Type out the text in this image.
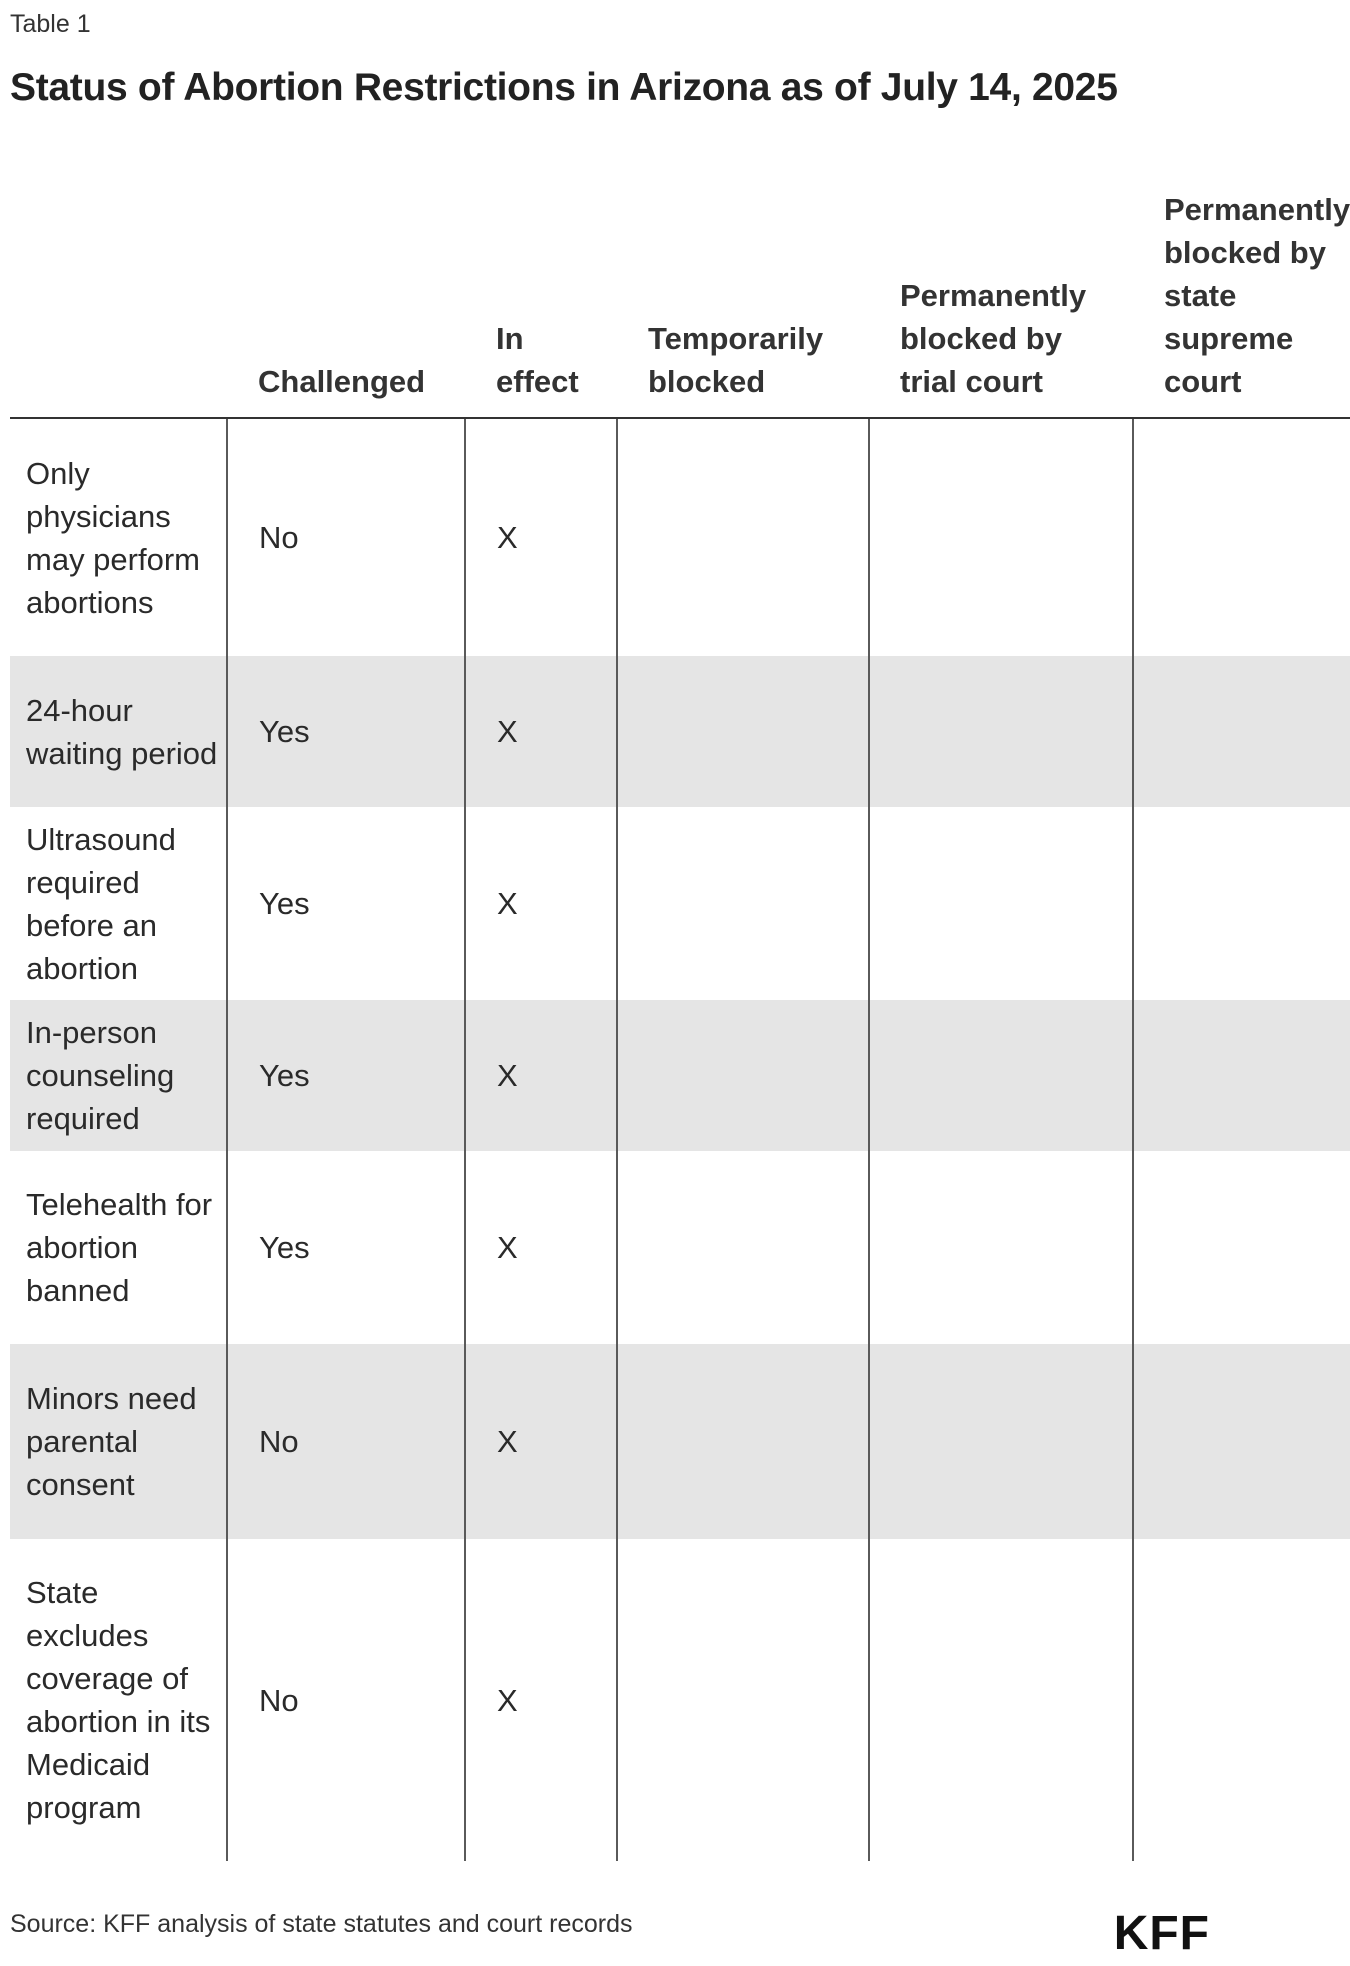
Table 1
Status of Abortion Restrictions in Arizona as of July 14, 2025
	Challenged	In effect	Temporarily blocked	Permanently blocked by trial court	Permanently blocked by state supreme court
Only physicians may perform abortions	No	X			
24-hour waiting period	Yes	X			
Ultrasound required before an abortion	Yes	X			
In-person counseling required	Yes	X			
Telehealth for abortion banned	Yes	X			
Minors need parental consent	No	X			
State excludes coverage of abortion in its Medicaid program	No	X			
Source: KFF analysis of state statutes and court records	KFF
